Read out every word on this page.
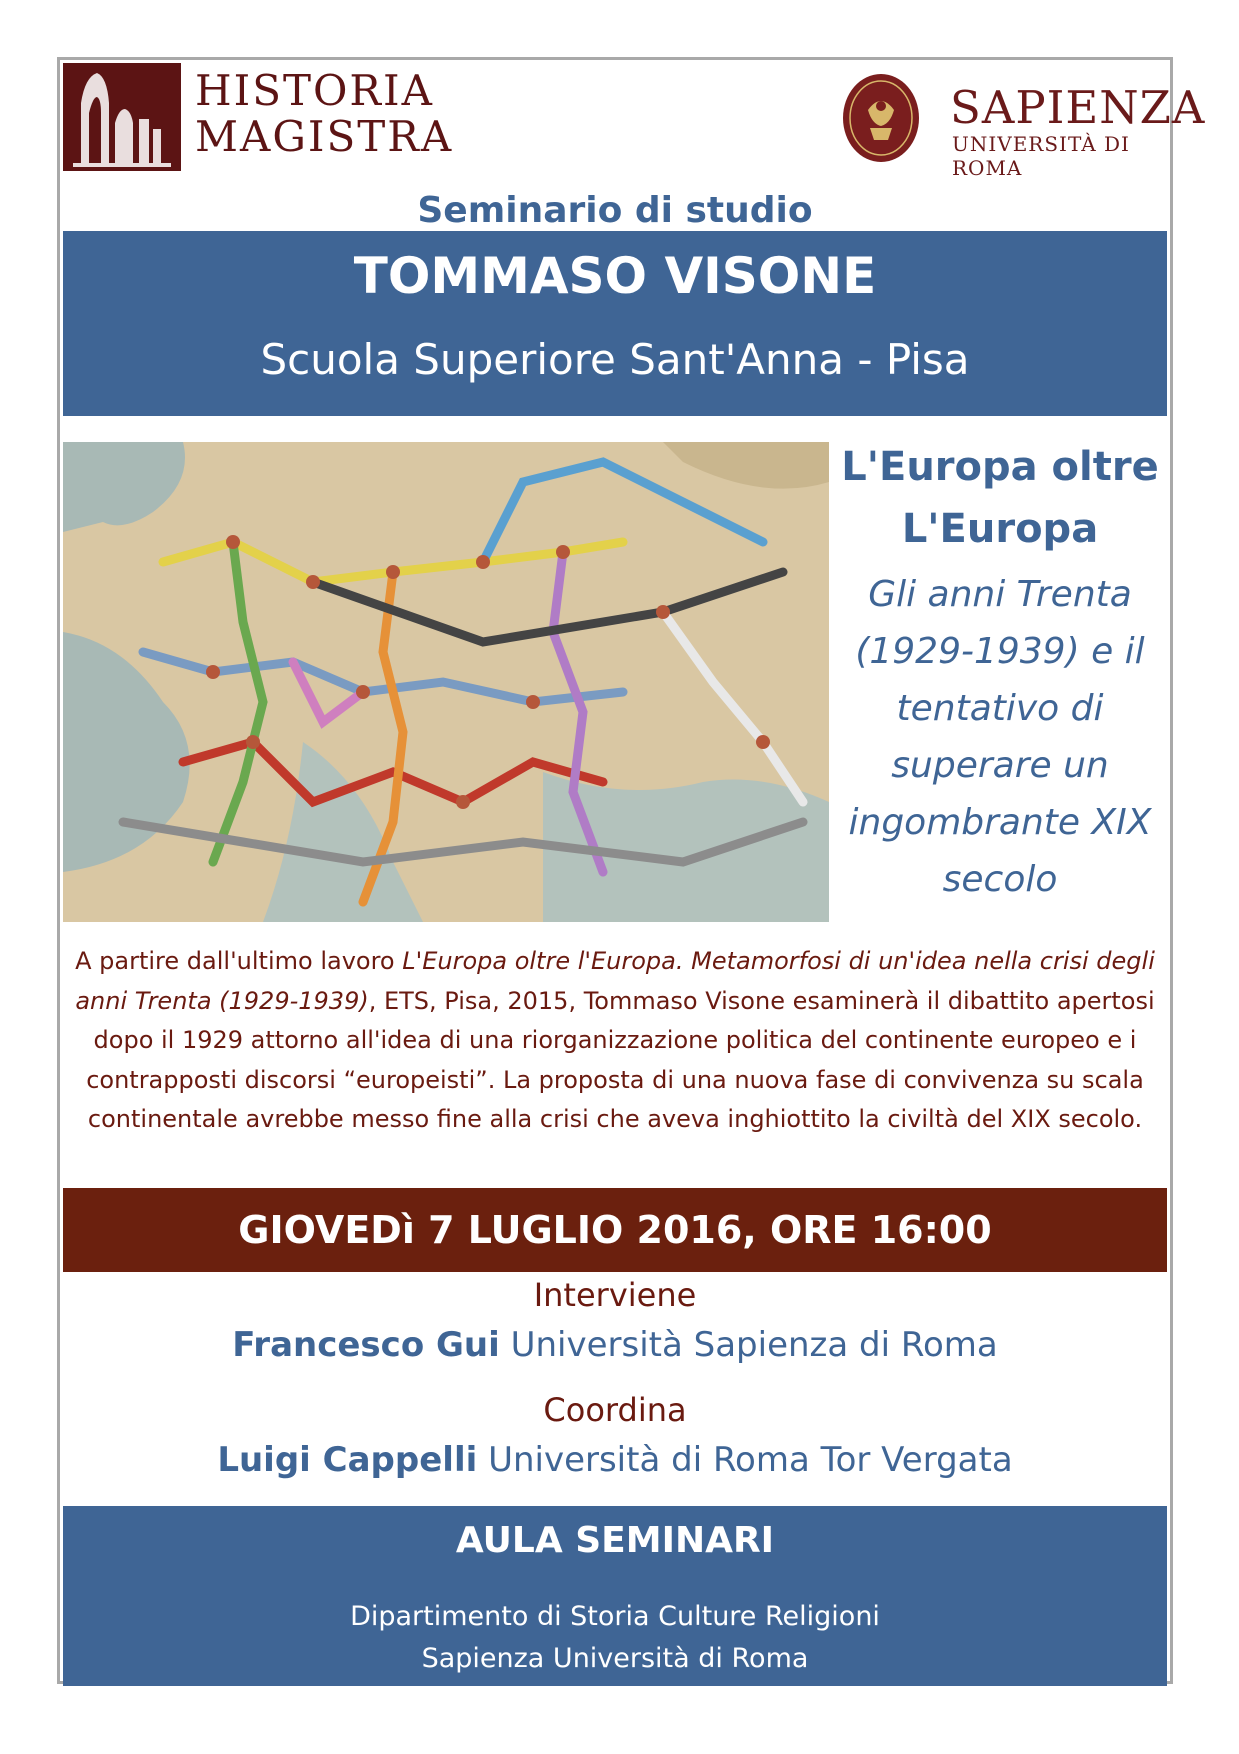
HISTORIA
MAGISTRA
SAPIENZA
UNIVERSITÀ DI ROMA
Seminario di studio
TOMMASO VISONE
Scuola Superiore Sant'Anna - Pisa
L'Europa oltre
L'Europa
Gli anni Trenta
(1929-1939) e il
tentativo di
superare un
ingombrante XIX
secolo
A partire dall'ultimo lavoro L'Europa oltre l'Europa. Metamorfosi di un'idea nella crisi degli anni Trenta (1929-1939), ETS, Pisa, 2015, Tommaso Visone esaminerà il dibattito apertosi dopo il 1929 attorno all'idea di una riorganizzazione politica del continente europeo e i contrapposti discorsi “europeisti”. La proposta di una nuova fase di convivenza su scala continentale avrebbe messo fine alla crisi che aveva inghiottito la civiltà del XIX secolo.
GIOVEDì 7 LUGLIO 2016, ORE 16:00
Interviene
Francesco Gui Università Sapienza di Roma
Coordina
Luigi Cappelli Università di Roma Tor Vergata
AULA SEMINARI
Dipartimento di Storia Culture Religioni
Sapienza Università di Roma
